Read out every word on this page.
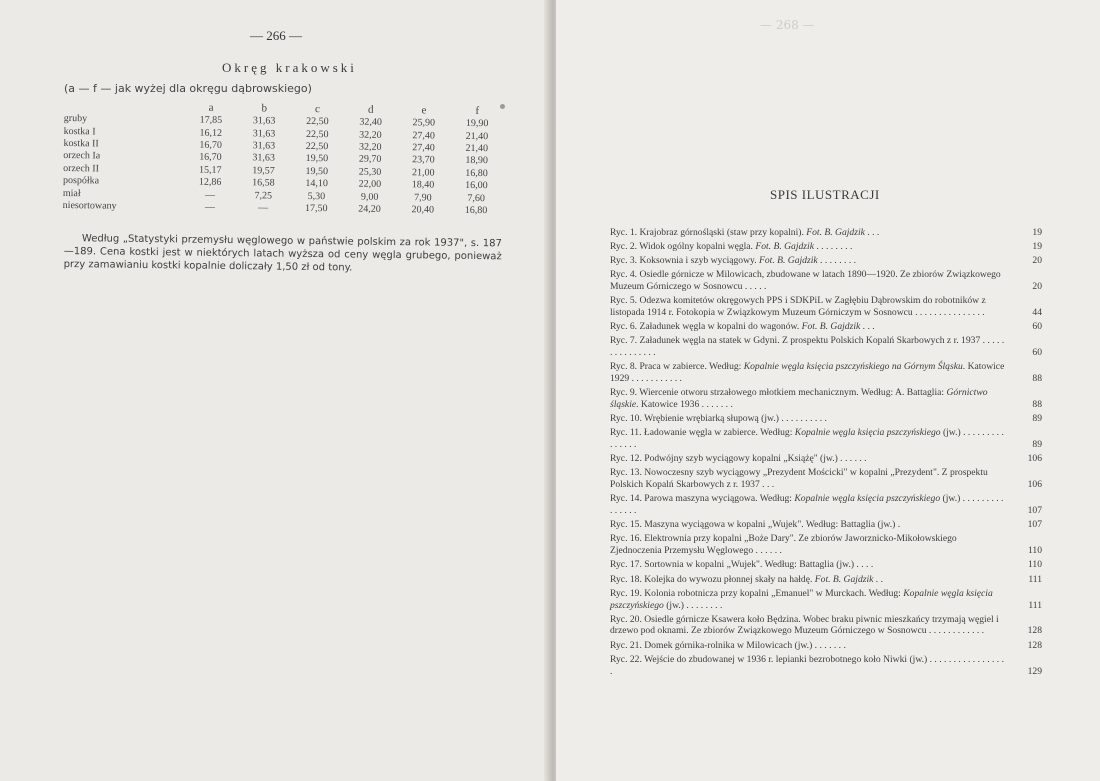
— 266 —
Okręg krakowski
(a — f — jak wyżej dla okręgu dąbrowskiego)
	a	b	c	d	e	f
gruby	17,85	31,63	22,50	32,40	25,90	19,90
kostka I	16,12	31,63	22,50	32,20	27,40	21,40
kostka II	16,70	31,63	22,50	32,20	27,40	21,40
orzech Ia	16,70	31,63	19,50	29,70	23,70	18,90
orzech II	15,17	19,57	19,50	25,30	21,00	16,80
pospółka	12,86	16,58	14,10	22,00	18,40	16,00
miał	—	7,25	5,30	9,00	7,90	7,60
niesortowany	—	—	17,50	24,20	20,40	16,80
Według „Statystyki przemysłu węglowego w państwie polskim za rok 1937", s. 187—189. Cena kostki jest w niektórych latach wyższa od ceny węgla grubego, ponieważ przy zamawianiu kostki kopalnie doliczały 1,50 zł od tony.
— 268 —
SPIS ILUSTRACJI
Ryc. 1. Krajobraz górnośląski (staw przy kopalni). Fot. B. Gajdzik . . .	19
Ryc. 2. Widok ogólny kopalni węgla. Fot. B. Gajdzik . . . . . . . .	19
Ryc. 3. Koksownia i szyb wyciągowy. Fot. B. Gajdzik . . . . . . . .	20
Ryc. 4. Osiedle górnicze w Milowicach, zbudowane w latach 1890—1920. Ze zbiorów Związkowego Muzeum Górniczego w Sosnowcu . . . . .	20
Ryc. 5. Odezwa komitetów okręgowych PPS i SDKPiL w Zagłębiu Dąbrowskim do robotników z listopada 1914 r. Fotokopia w Związkowym Muzeum Górniczym w Sosnowcu . . . . . . . . . . . . . . .	44
Ryc. 6. Załadunek węgla w kopalni do wagonów. Fot. B. Gajdzik . . .	60
Ryc. 7. Załadunek węgla na statek w Gdyni. Z prospektu Polskich Kopalń Skarbowych z r. 1937 . . . . . . . . . . . . . . .	60
Ryc. 8. Praca w zabierce. Według: Kopalnie węgla księcia pszczyńskiego na Górnym Śląsku. Katowice 1929 . . . . . . . . . . .	88
Ryc. 9. Wiercenie otworu strzałowego młotkiem mechanicznym. Według: A. Battaglia: Górnictwo śląskie. Katowice 1936 . . . . . . .	88
Ryc. 10. Wrębienie wrębiarką słupową (jw.) . . . . . . . . . .	89
Ryc. 11. Ładowanie węgla w zabierce. Według: Kopalnie węgla księcia pszczyńskiego (jw.) . . . . . . . . . . . . . . .	89
Ryc. 12. Podwójny szyb wyciągowy kopalni „Książę" (jw.) . . . . . .	106
Ryc. 13. Nowoczesny szyb wyciągowy „Prezydent Mościcki" w kopalni „Prezydent". Z prospektu Polskich Kopalń Skarbowych z r. 1937 . . .	106
Ryc. 14. Parowa maszyna wyciągowa. Według: Kopalnie węgla księcia pszczyńskiego (jw.) . . . . . . . . . . . . . . .	107
Ryc. 15. Maszyna wyciągowa w kopalni „Wujek". Według: Battaglia (jw.) .	107
Ryc. 16. Elektrownia przy kopalni „Boże Dary". Ze zbiorów Jaworznicko-Mikołowskiego Zjednoczenia Przemysłu Węglowego . . . . . .	110
Ryc. 17. Sortownia w kopalni „Wujek". Według: Battaglia (jw.) . . . .	110
Ryc. 18. Kolejka do wywozu płonnej skały na hałdę. Fot. B. Gajdzik . .	111
Ryc. 19. Kolonia robotnicza przy kopalni „Emanuel" w Murckach. Według: Kopalnie węgla księcia pszczyńskiego (jw.) . . . . . . . .	111
Ryc. 20. Osiedle górnicze Ksawera koło Będzina. Wobec braku piwnic mieszkańcy trzymają węgiel i drzewo pod oknami. Ze zbiorów Związkowego Muzeum Górniczego w Sosnowcu . . . . . . . . . . . .	128
Ryc. 21. Domek górnika-rolnika w Milowicach (jw.) . . . . . . .	128
Ryc. 22. Wejście do zbudowanej w 1936 r. lepianki bezrobotnego koło Niwki (jw.) . . . . . . . . . . . . . . . . .	129
